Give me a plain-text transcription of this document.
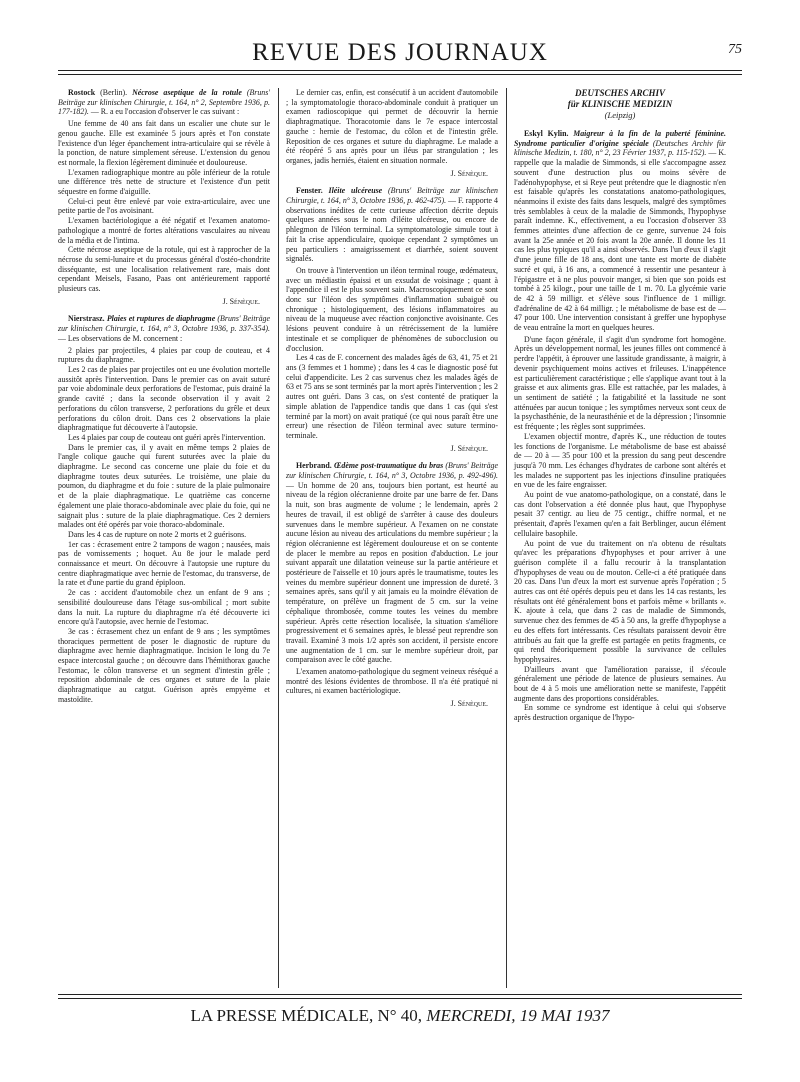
REVUE DES JOURNAUX	75

Rostock (Berlin). Nécrose aseptique de la rotule (Bruns' Beiträge zur klinischen Chirurgie, t. 164, n° 2, Septembre 1936, p. 177-182). — R. a eu l'occasion d'observer le cas suivant :

Une femme de 40 ans fait dans un escalier une chute sur le genou gauche. Elle est examinée 5 jours après et l'on constate l'existence d'un léger épanchement intra-articulaire qui se révèle à la ponction, de nature simplement séreuse. L'extension du genou est normale, la flexion légèrement diminuée et douloureuse.

L'examen radiographique montre au pôle inférieur de la rotule une différence très nette de structure et l'existence d'un petit séquestre en forme d'aiguille.

Celui-ci peut être enlevé par voie extra-articulaire, avec une petite partie de l'os avoisinant.

L'examen bactériologique a été négatif et l'examen anatomo-pathologique a montré de fortes altérations vasculaires au niveau de la média et de l'intima.

Cette nécrose aseptique de la rotule, qui est à rapprocher de la nécrose du semi-lunaire et du processus général d'ostéo-chondrite disséquante, est une localisation relativement rare, mais dont cependant Meisels, Fasano, Paas ont antérieurement rapporté plusieurs cas.

J. Sénèque.

Nierstrasz. Plaies et ruptures de diaphragme (Bruns' Beiträge zur klinischen Chirurgie, t. 164, n° 3, Octobre 1936, p. 337-354). — Les observations de M. concernent :

2 plaies par projectiles, 4 plaies par coup de couteau, et 4 ruptures du diaphragme.

Les 2 cas de plaies par projectiles ont eu une évolution mortelle aussitôt après l'intervention. Dans le premier cas on avait suturé par voie abdominale deux perforations de l'estomac, puis drainé la grande cavité ; dans la seconde observation il y avait 2 perforations du côlon transverse, 2 perforations du grêle et deux perforations du côlon droit. Dans ces 2 observations la plaie diaphragmatique fut découverte à l'autopsie.

Les 4 plaies par coup de couteau ont guéri après l'intervention.

Dans le premier cas, il y avait en même temps 2 plaies de l'angle colique gauche qui furent suturées avec la plaie du diaphragme. Le second cas concerne une plaie du foie et du diaphragme toutes deux suturées. Le troisième, une plaie du poumon, du diaphragme et du foie : suture de la plaie pulmonaire et de la plaie diaphragmatique. Le quatrième cas concerne également une plaie thoraco-abdominale avec plaie du foie, qui ne saignait plus : suture de la plaie diaphragmatique. Ces 2 derniers malades ont été opérés par voie thoraco-abdominale.

Dans les 4 cas de rupture on note 2 morts et 2 guérisons.

1er cas : écrasement entre 2 tampons de wagon ; nausées, mais pas de vomissements ; hoquet. Au 8e jour le malade perd connaissance et meurt. On découvre à l'autopsie une rupture du centre diaphragmatique avec hernie de l'estomac, du transverse, de la rate et d'une partie du grand épiploon.

2e cas : accident d'automobile chez un enfant de 9 ans ; sensibilité douloureuse dans l'étage sus-ombilical ; mort subite dans la nuit. La rupture du diaphragme n'a été découverte ici encore qu'à l'autopsie, avec hernie de l'estomac.

3e cas : écrasement chez un enfant de 9 ans ; les symptômes thoraciques permettent de poser le diagnostic de rupture du diaphragme avec hernie diaphragmatique. Incision le long du 7e espace intercostal gauche ; on découvre dans l'hémithorax gauche l'estomac, le côlon transverse et un segment d'intestin grêle ; reposition abdominale de ces organes et suture de la plaie diaphragmatique au catgut. Guérison après empyème et mastoïdite.

Le dernier cas, enfin, est consécutif à un accident d'automobile ; la symptomatologie thoraco-abdominale conduit à pratiquer un examen radioscopique qui permet de découvrir la hernie diaphragmatique. Thoracotomie dans le 7e espace intercostal gauche : hernie de l'estomac, du côlon et de l'intestin grêle. Reposition de ces organes et suture du diaphragme. Le malade a été réopéré 5 ans après pour un iléus par strangulation ; les organes, jadis herniés, étaient en situation normale.

J. Sénèque.

Fenster. Iléite ulcéreuse (Bruns' Beiträge zur klinischen Chirurgie, t. 164, n° 3, Octobre 1936, p. 462-475). — F. rapporte 4 observations inédites de cette curieuse affection décrite depuis quelques années sous le nom d'iléite ulcéreuse, ou encore de phlegmon de l'iléon terminal. La symptomatologie simule tout à fait la crise appendiculaire, quoique cependant 2 symptômes un peu particuliers : amaigrissement et diarrhée, soient souvent signalés.

On trouve à l'intervention un iléon terminal rouge, œdémateux, avec un médiastin épaissi et un exsudat de voisinage ; quant à l'appendice il est le plus souvent sain. Macroscopiquement ce sont donc sur l'iléon des symptômes d'inflammation subaiguë ou chronique ; histologiquement, des lésions inflammatoires au niveau de la muqueuse avec réaction conjonctive avoisinante. Ces lésions peuvent conduire à un rétrécissement de la lumière intestinale et se compliquer de phénomènes de subocclusion ou d'occlusion.

Les 4 cas de F. concernent des malades âgés de 63, 41, 75 et 21 ans (3 femmes et 1 homme) ; dans les 4 cas le diagnostic posé fut celui d'appendicite. Les 2 cas survenus chez les malades âgés de 63 et 75 ans se sont terminés par la mort après l'intervention ; les 2 autres ont guéri. Dans 3 cas, on s'est contenté de pratiquer la simple ablation de l'appendice tandis que dans 1 cas (qui s'est terminé par la mort) on avait pratiqué (ce qui nous paraît être une erreur) une résection de l'iléon terminal avec suture termino-terminale.

J. Sénèque.

Herbrand. Œdème post-traumatique du bras (Bruns' Beiträge zur klinischen Chirurgie, t. 164, n° 3, Octobre 1936, p. 492-496). — Un homme de 20 ans, toujours bien portant, est heurté au niveau de la région olécranienne droite par une barre de fer. Dans la nuit, son bras augmente de volume ; le lendemain, après 2 heures de travail, il est obligé de s'arrêter à cause des douleurs survenues dans le membre supérieur. A l'examen on ne constate aucune lésion au niveau des articulations du membre supérieur ; la région olécranienne est légèrement douloureuse et on se contente de placer le membre au repos en position d'abduction. Le jour suivant apparaît une dilatation veineuse sur la partie antérieure et postérieure de l'aisselle et 10 jours après le traumatisme, toutes les veines du membre supérieur donnent une impression de dureté. 3 semaines après, sans qu'il y ait jamais eu la moindre élévation de température, on prélève un fragment de 5 cm. sur la veine céphalique thrombosée, comme toutes les veines du membre supérieur. Après cette résection localisée, la situation s'améliore progressivement et 6 semaines après, le blessé peut reprendre son travail. Examiné 3 mois 1/2 après son accident, il persiste encore une augmentation de 1 cm. sur le membre supérieur droit, par comparaison avec le côté gauche.

L'examen anatomo-pathologique du segment veineux réséqué a montré des lésions évidentes de thrombose. Il n'a été pratiqué ni cultures, ni examen bactériologique.

J. Sénèque.
DEUTSCHES ARCHIV
für KLINISCHE MEDIZIN
(Leipzig)

Eskyl Kylin. Maigreur à la fin de la puberté féminine. Syndrome particulier d'origine spéciale (Deutsches Archiv für klinische Medizin, t. 180, n° 2, 23 Février 1937, p. 115-152). — K. rappelle que la maladie de Simmonds, si elle s'accompagne assez souvent d'une destruction plus ou moins sévère de l'adénohypophyse, et si Reye peut prétendre que le diagnostic n'en est faisable qu'après les constatations anatomo-pathologiques, néanmoins il existe des faits dans lesquels, malgré des symptômes très semblables à ceux de la maladie de Simmonds, l'hypophyse paraît indemne. K., effectivement, a eu l'occasion d'observer 33 femmes atteintes d'une affection de ce genre, survenue 24 fois avant la 25e année et 20 fois avant la 20e année. Il donne les 11 cas les plus typiques qu'il a ainsi observés. Dans l'un d'eux il s'agit d'une jeune fille de 18 ans, dont une tante est morte de diabète sucré et qui, à 16 ans, a commencé à ressentir une pesanteur à l'épigastre et à ne plus pouvoir manger, si bien que son poids est tombé à 25 kilogr., pour une taille de 1 m. 70. La glycémie varie de 42 à 59 milligr. et s'élève sous l'influence de 1 milligr. d'adrénaline de 42 à 64 milligr. ; le métabolisme de base est de — 47 pour 100. Une intervention consistant à greffer une hypophyse de veau entraîne la mort en quelques heures.

D'une façon générale, il s'agit d'un syndrome fort homogène. Après un développement normal, les jeunes filles ont commencé à perdre l'appétit, à éprouver une lassitude grandissante, à maigrir, à devenir psychiquement moins actives et frileuses. L'inappétence est particulièrement caractéristique ; elle s'applique avant tout à la graisse et aux aliments gras. Elle est rattachée, par les malades, à un sentiment de satiété ; la fatigabilité et la lassitude ne sont atténuées par aucun tonique ; les symptômes nerveux sont ceux de la psychasthénie, de la neurasthénie et de la dépression ; l'insomnie est fréquente ; les règles sont supprimées.

L'examen objectif montre, d'après K., une réduction de toutes les fonctions de l'organisme. Le métabolisme de base est abaissé de — 20 à — 35 pour 100 et la pression du sang peut descendre jusqu'à 70 mm. Les échanges d'hydrates de carbone sont altérés et les malades ne supportent pas les injections d'insuline pratiquées en vue de les faire engraisser.

Au point de vue anatomo-pathologique, on a constaté, dans le cas dont l'observation a été donnée plus haut, que l'hypophyse pesait 37 centigr. au lieu de 75 centigr., chiffre normal, et ne présentait, d'après l'examen qu'en a fait Berblinger, aucun élément cellulaire basophile.

Au point de vue du traitement on n'a obtenu de résultats qu'avec les préparations d'hypophyses et pour arriver à une guérison complète il a fallu recourir à la transplantation d'hypophyses de veau ou de mouton. Celle-ci a été pratiquée dans 20 cas. Dans l'un d'eux la mort est survenue après l'opération ; 5 autres cas ont été opérés depuis peu et dans les 14 cas restants, les résultats ont été généralement bons et parfois même « brillants ». K. ajoute à cela, que dans 2 cas de maladie de Simmonds, survenue chez des femmes de 45 à 50 ans, la greffe d'hypophyse a eu des effets fort intéressants. Ces résultats paraissent devoir être attribués au fait que la greffe est partagée en petits fragments, ce qui rend théoriquement possible la survivance de cellules hypophysaires.

D'ailleurs avant que l'amélioration paraisse, il s'écoule généralement une période de latence de plusieurs semaines. Au bout de 4 à 5 mois une amélioration nette se manifeste, l'appétit augmente dans des proportions considérables.

En somme ce syndrome est identique à celui qui s'observe après destruction organique de l'hypo-

LA PRESSE MÉDICALE, N° 40, MERCREDI, 19 MAI 1937
